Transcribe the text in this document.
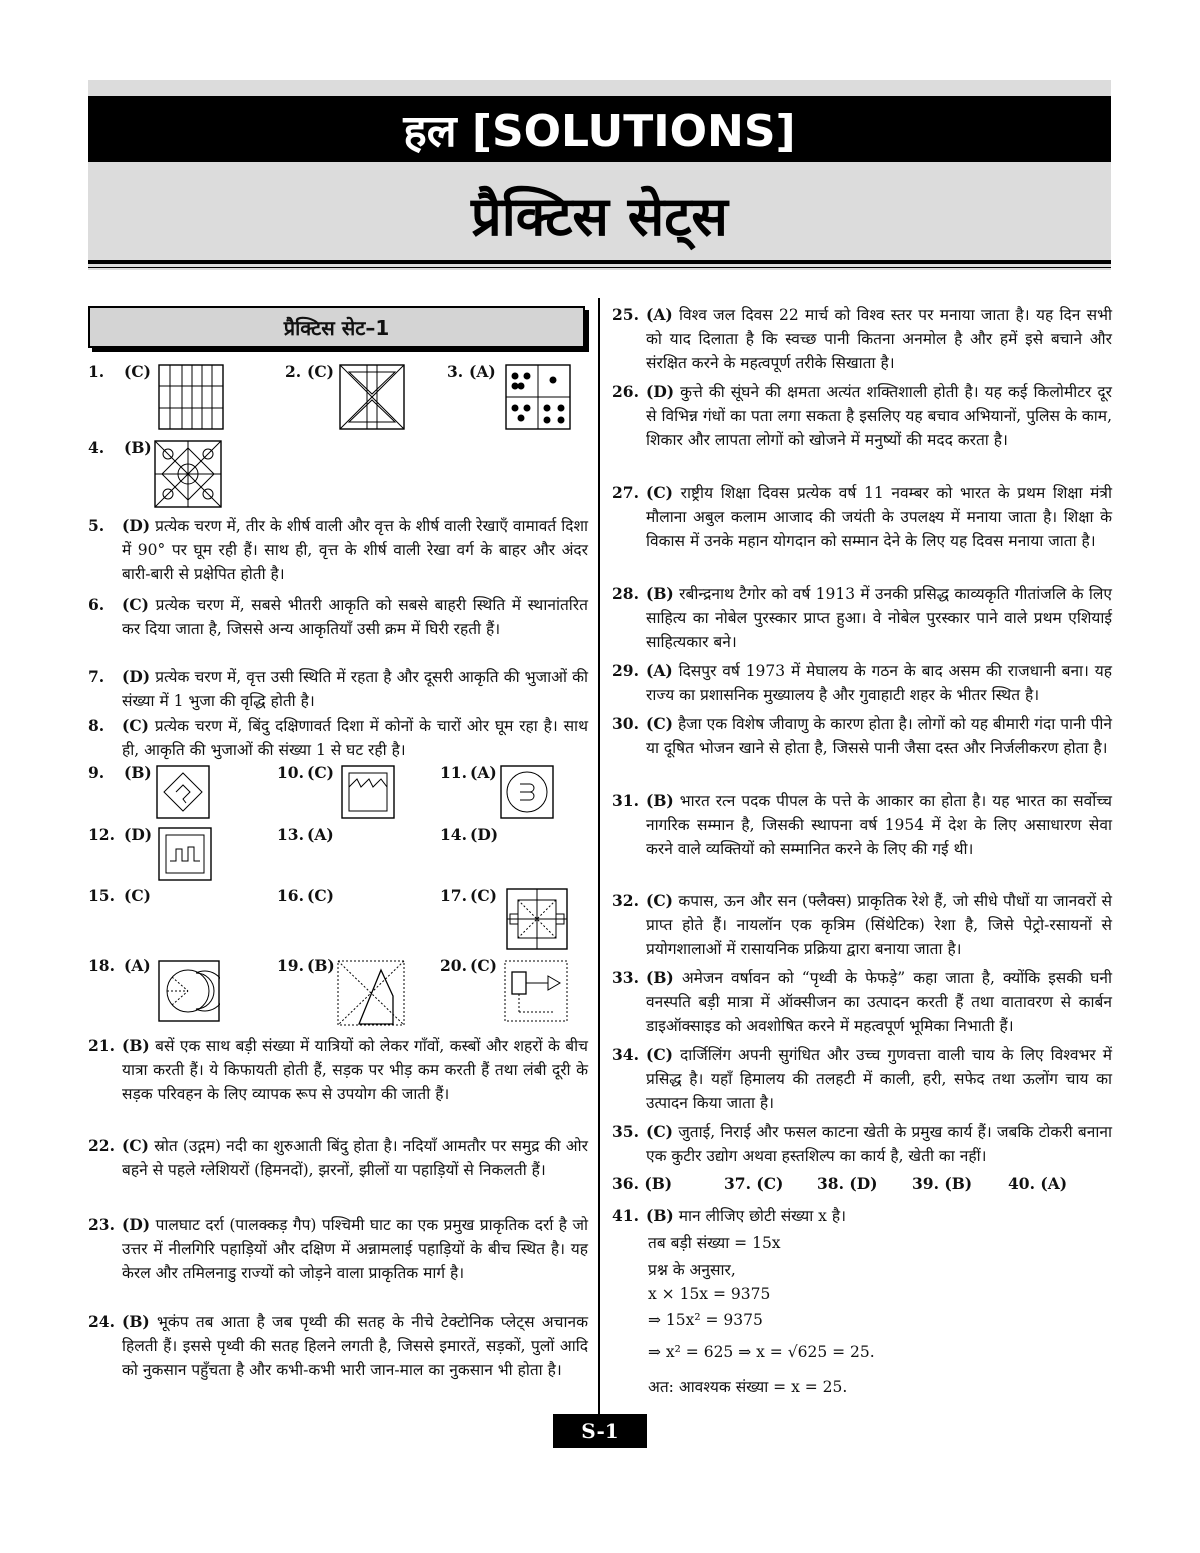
हल [SOLUTIONS]
प्रैक्टिस सेट्स
प्रैक्टिस सेट–1
1. (C)	2. (C)	3. (A)
4. (B)
5. (D) प्रत्येक चरण में, तीर के शीर्ष वाली और वृत्त के शीर्ष वाली रेखाएँ वामावर्त दिशा में 90° पर घूम रही हैं। साथ ही, वृत्त के शीर्ष वाली रेखा वर्ग के बाहर और अंदर बारी-बारी से प्रक्षेपित होती है।
6. (C) प्रत्येक चरण में, सबसे भीतरी आकृति को सबसे बाहरी स्थिति में स्थानांतरित कर दिया जाता है, जिससे अन्य आकृतियाँ उसी क्रम में घिरी रहती हैं।
7. (D) प्रत्येक चरण में, वृत्त उसी स्थिति में रहता है और दूसरी आकृति की भुजाओं की संख्या में 1 भुजा की वृद्धि होती है।
8. (C) प्रत्येक चरण में, बिंदु दक्षिणावर्त दिशा में कोनों के चारों ओर घूम रहा है। साथ ही, आकृति की भुजाओं की संख्या 1 से घट रही है।
9. (B)	10. (C)	11. (A)
12. (D)	13. (A)	14. (D)
15. (C)	16. (C)	17. (C)
18. (A)	19. (B)	20. (C)
21. (B) बसें एक साथ बड़ी संख्या में यात्रियों को लेकर गाँवों, कस्बों और शहरों के बीच यात्रा करती हैं। ये किफायती होती हैं, सड़क पर भीड़ कम करती हैं तथा लंबी दूरी के सड़क परिवहन के लिए व्यापक रूप से उपयोग की जाती हैं।
22. (C) स्रोत (उद्गम) नदी का शुरुआती बिंदु होता है। नदियाँ आमतौर पर समुद्र की ओर बहने से पहले ग्लेशियरों (हिमनदों), झरनों, झीलों या पहाड़ियों से निकलती हैं।
23. (D) पालघाट दर्रा (पालक्कड़ गैप) पश्चिमी घाट का एक प्रमुख प्राकृतिक दर्रा है जो उत्तर में नीलगिरि पहाड़ियों और दक्षिण में अन्नामलाई पहाड़ियों के बीच स्थित है। यह केरल और तमिलनाडु राज्यों को जोड़ने वाला प्राकृतिक मार्ग है।
24. (B) भूकंप तब आता है जब पृथ्वी की सतह के नीचे टेक्टोनिक प्लेट्स अचानक हिलती हैं। इससे पृथ्वी की सतह हिलने लगती है, जिससे इमारतें, सड़कों, पुलों आदि को नुकसान पहुँचता है और कभी-कभी भारी जान-माल का नुकसान भी होता है।
25. (A) विश्व जल दिवस 22 मार्च को विश्व स्तर पर मनाया जाता है। यह दिन सभी को याद दिलाता है कि स्वच्छ पानी कितना अनमोल है और हमें इसे बचाने और संरक्षित करने के महत्वपूर्ण तरीके सिखाता है।
26. (D) कुत्ते की सूंघने की क्षमता अत्यंत शक्तिशाली होती है। यह कई किलोमीटर दूर से विभिन्न गंधों का पता लगा सकता है इसलिए यह बचाव अभियानों, पुलिस के काम, शिकार और लापता लोगों को खोजने में मनुष्यों की मदद करता है।
27. (C) राष्ट्रीय शिक्षा दिवस प्रत्येक वर्ष 11 नवम्बर को भारत के प्रथम शिक्षा मंत्री मौलाना अबुल कलाम आजाद की जयंती के उपलक्ष्य में मनाया जाता है। शिक्षा के विकास में उनके महान योगदान को सम्मान देने के लिए यह दिवस मनाया जाता है।
28. (B) रबीन्द्रनाथ टैगोर को वर्ष 1913 में उनकी प्रसिद्ध काव्यकृति गीतांजलि के लिए साहित्य का नोबेल पुरस्कार प्राप्त हुआ। वे नोबेल पुरस्कार पाने वाले प्रथम एशियाई साहित्यकार बने।
29. (A) दिसपुर वर्ष 1973 में मेघालय के गठन के बाद असम की राजधानी बना। यह राज्य का प्रशासनिक मुख्यालय है और गुवाहाटी शहर के भीतर स्थित है।
30. (C) हैजा एक विशेष जीवाणु के कारण होता है। लोगों को यह बीमारी गंदा पानी पीने या दूषित भोजन खाने से होता है, जिससे पानी जैसा दस्त और निर्जलीकरण होता है।
31. (B) भारत रत्न पदक पीपल के पत्ते के आकार का होता है। यह भारत का सर्वोच्च नागरिक सम्मान है, जिसकी स्थापना वर्ष 1954 में देश के लिए असाधारण सेवा करने वाले व्यक्तियों को सम्मानित करने के लिए की गई थी।
32. (C) कपास, ऊन और सन (फ्लैक्स) प्राकृतिक रेशे हैं, जो सीधे पौधों या जानवरों से प्राप्त होते हैं। नायलॉन एक कृत्रिम (सिंथेटिक) रेशा है, जिसे पेट्रो-रसायनों से प्रयोगशालाओं में रासायनिक प्रक्रिया द्वारा बनाया जाता है।
33. (B) अमेजन वर्षावन को “पृथ्वी के फेफड़े” कहा जाता है, क्योंकि इसकी घनी वनस्पति बड़ी मात्रा में ऑक्सीजन का उत्पादन करती हैं तथा वातावरण से कार्बन डाइऑक्साइड को अवशोषित करने में महत्वपूर्ण भूमिका निभाती हैं।
34. (C) दार्जिलिंग अपनी सुगंधित और उच्च गुणवत्ता वाली चाय के लिए विश्वभर में प्रसिद्ध है। यहाँ हिमालय की तलहटी में काली, हरी, सफेद तथा ऊलोंग चाय का उत्पादन किया जाता है।
35. (C) जुताई, निराई और फसल काटना खेती के प्रमुख कार्य हैं। जबकि टोकरी बनाना एक कुटीर उद्योग अथवा हस्तशिल्प का कार्य है, खेती का नहीं।
36. (B)	37. (C) 38. (D) 39. (B) 40. (A)
41. (B) मान लीजिए छोटी संख्या x है।
तब बड़ी संख्या = 15x
प्रश्न के अनुसार,
x × 15x = 9375
⇒ 15x² = 9375
⇒ x² = 625 ⇒ x = √625 = 25.
अत: आवश्यक संख्या = x = 25.
S-1
